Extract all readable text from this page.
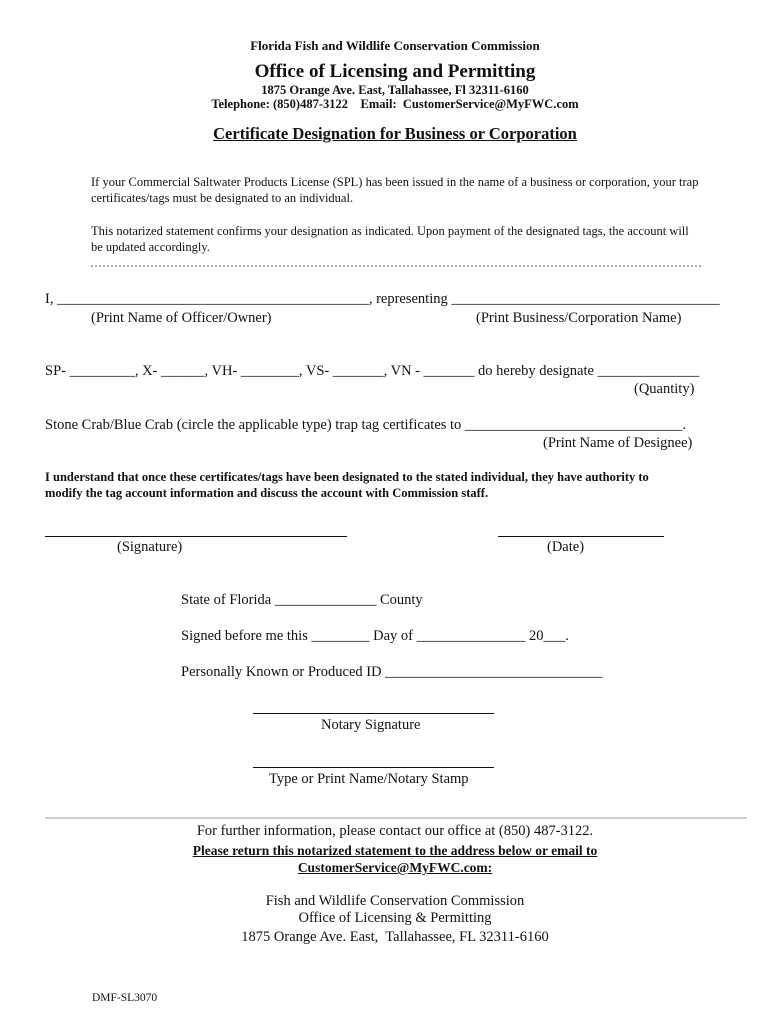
Florida Fish and Wildlife Conservation Commission
Office of Licensing and Permitting
1875 Orange Ave. East, Tallahassee, Fl 32311-6160
Telephone: (850)487-3122    Email:  CustomerService@MyFWC.com
Certificate Designation for Business or Corporation
If your Commercial Saltwater Products License (SPL) has been issued in the name of a business or corporation, your trap certificates/tags must be designated to an individual.
This notarized statement confirms your designation as indicated. Upon payment of the designated tags, the account will be updated accordingly.
I, ___________________________________________, representing _____________________________________
(Print Name of Officer/Owner)	(Print Business/Corporation Name)
SP- _________, X- ______, VH- ________, VS- _______, VN - _______ do hereby designate ______________
(Quantity)
Stone Crab/Blue Crab (circle the applicable type) trap tag certificates to ______________________________.
(Print Name of Designee)
I understand that once these certificates/tags have been designated to the stated individual, they have authority to modify the tag account information and discuss the account with Commission staff.
(Signature)	(Date)
State of Florida ______________ County
Signed before me this ________ Day of _______________ 20___.
Personally Known or Produced ID ______________________________
Notary Signature
Type or Print Name/Notary Stamp
For further information, please contact our office at (850) 487-3122.
Please return this notarized statement to the address below or email to
CustomerService@MyFWC.com:
Fish and Wildlife Conservation Commission
Office of Licensing & Permitting
1875 Orange Ave. East,  Tallahassee, FL 32311-6160
DMF-SL3070
